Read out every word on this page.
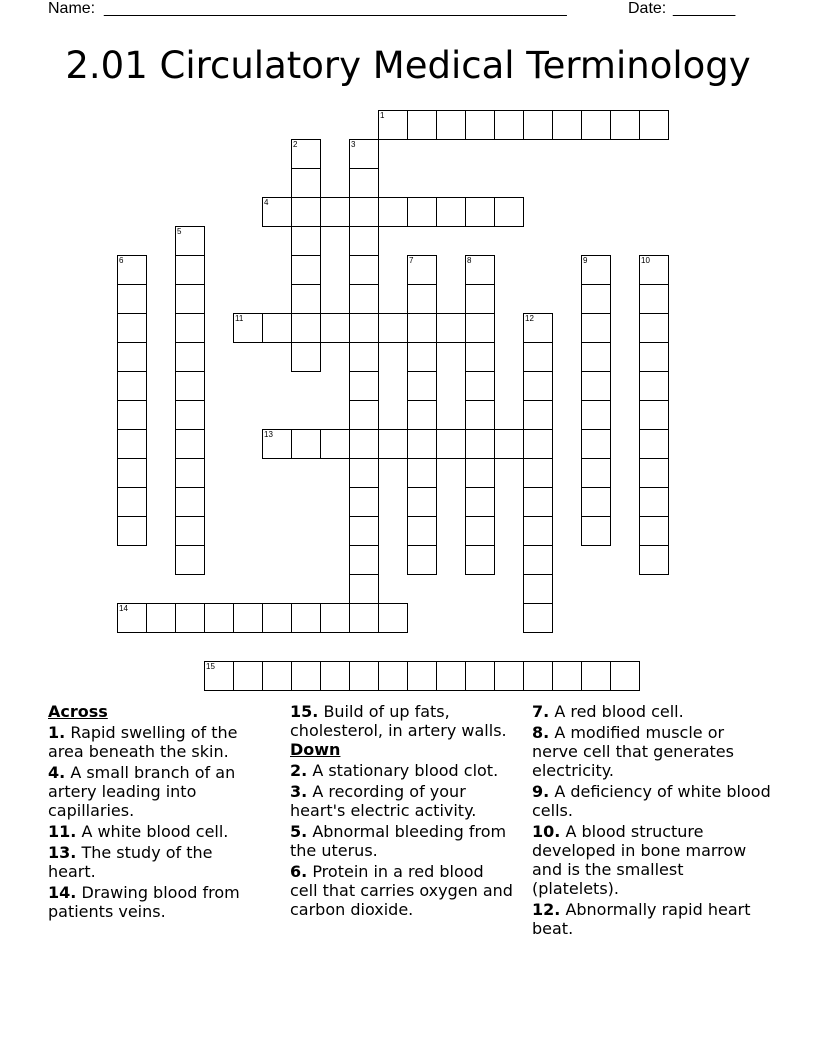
Name: ____________________________________________________	Date: _______
2.01 Circulatory Medical Terminology
1
2	3
4
5
6	7	8	9	10
11	12
13
14
15
Across
1. Rapid swelling of the area beneath the skin.
4. A small branch of an artery leading into capillaries.
11. A white blood cell.
13. The study of the heart.
14. Drawing blood from patients veins.
15. Build of up fats, cholesterol, in artery walls.
Down
2. A stationary blood clot.
3. A recording of your heart's electric activity.
5. Abnormal bleeding from the uterus.
6. Protein in a red blood cell that carries oxygen and carbon dioxide.
7. A red blood cell.
8. A modified muscle or nerve cell that generates electricity.
9. A deficiency of white blood cells.
10. A blood structure developed in bone marrow and is the smallest (platelets).
12. Abnormally rapid heart beat.
